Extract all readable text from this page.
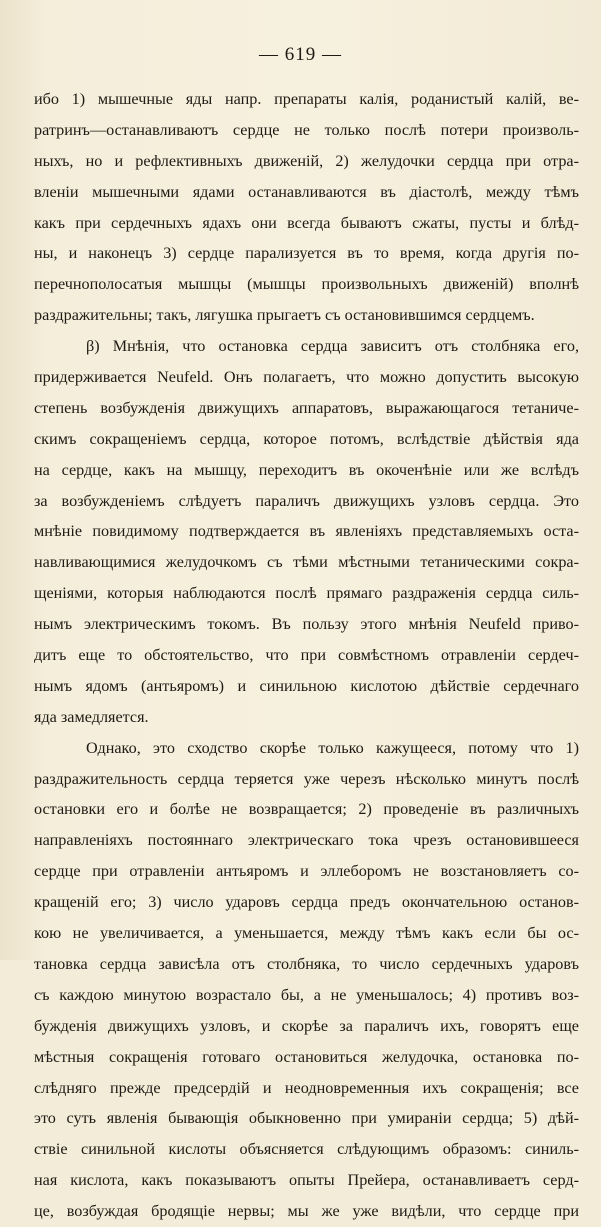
— 619 —
ибо 1) мышечные яды напр. препараты калія, роданистый калій, ве-
ратринъ—останавливаютъ сердце не только послѣ потери произволь-
ныхъ, но и рефлективныхъ движеній, 2) желудочки сердца при отра-
вленіи мышечными ядами останавливаются въ діастолѣ, между тѣмъ
какъ при сердечныхъ ядахъ они всегда бываютъ сжаты, пусты и блѣд-
ны, и наконецъ 3) сердце парализуется въ то время, когда другія по-
перечнополосатыя мышцы (мышцы произвольныхъ движеній) вполнѣ
раздражительны; такъ, лягушка прыгаетъ съ остановившимся сердцемъ.
β) Мнѣнія, что остановка сердца зависитъ отъ столбняка его,
придерживается Neufeld. Онъ полагаетъ, что можно допустить высокую
степень возбужденія движущихъ аппаратовъ, выражающагося тетаниче-
скимъ сокращеніемъ сердца, которое потомъ, вслѣдствіе дѣйствія яда
на сердце, какъ на мышцу, переходитъ въ окоченѣніе или же вслѣдъ
за возбужденіемъ слѣдуетъ параличъ движущихъ узловъ сердца. Это
мнѣніе повидимому подтверждается въ явленіяхъ представляемыхъ оста-
навливающимися желудочкомъ съ тѣми мѣстными тетаническими сокра-
щеніями, которыя наблюдаются послѣ прямаго раздраженія сердца силь-
нымъ электрическимъ токомъ. Въ пользу этого мнѣнія Neufeld приво-
дитъ еще то обстоятельство, что при совмѣстномъ отравленіи сердеч-
нымъ ядомъ (антьяромъ) и синильною кислотою дѣйствіе сердечнаго
яда замедляется.
Однако, это сходство скорѣе только кажущееся, потому что 1)
раздражительность сердца теряется уже черезъ нѣсколько минутъ послѣ
остановки его и болѣе не возвращается; 2) проведеніе въ различныхъ
направленіяхъ постояннаго электрическаго тока чрезъ остановившееся
сердце при отравленіи антьяромъ и эллеборомъ не возстановляетъ со-
кращеній его; 3) число ударовъ сердца предъ окончательною останов-
кою не увеличивается, а уменьшается, между тѣмъ какъ если бы ос-
тановка сердца зависѣла отъ столбняка, то число сердечныхъ ударовъ
съ каждою минутою возрастало бы, а не уменьшалось; 4) противъ воз-
бужденія движущихъ узловъ, и скорѣе за параличъ ихъ, говорятъ еще
мѣстныя сокращенія готоваго остановиться желудочка, остановка по-
слѣдняго прежде предсердій и неодновременныя ихъ сокращенія; все
это суть явленія бывающія обыкновенно при умираніи сердца; 5) дѣй-
ствіе синильной кислоты объясняется слѣдующимъ образомъ: синиль-
ная кислота, какъ показываютъ опыты Прейера, останавливаетъ серд-
це, возбуждая бродящіе нервы; мы же уже видѣли, что сердце при
